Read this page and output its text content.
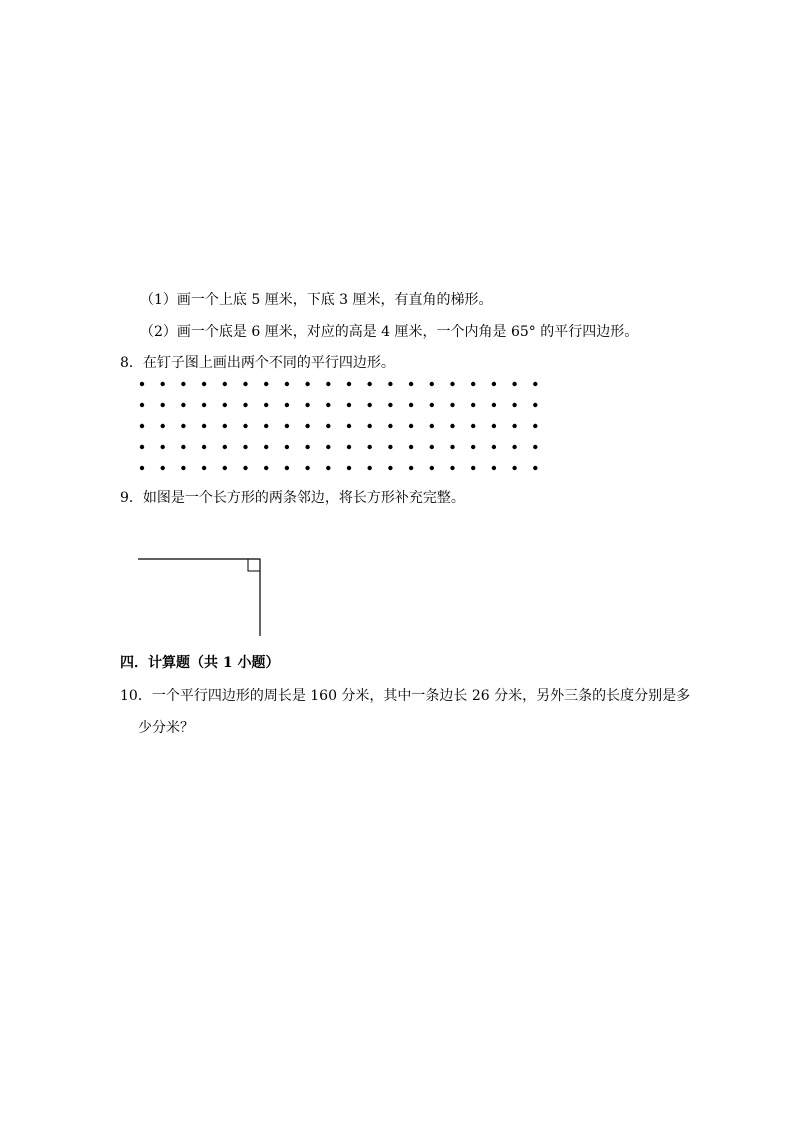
（1）画一个上底 5 厘米，下底 3 厘米，有直角的梯形。
（2）画一个底是 6 厘米，对应的高是 4 厘米，一个内角是 65° 的平行四边形。
8．在钉子图上画出两个不同的平行四边形。
9．如图是一个长方形的两条邻边，将长方形补充完整。
四．计算题（共 1 小题）
10．一个平行四边形的周长是 160 分米，其中一条边长 26 分米，另外三条的长度分别是多
少分米？
